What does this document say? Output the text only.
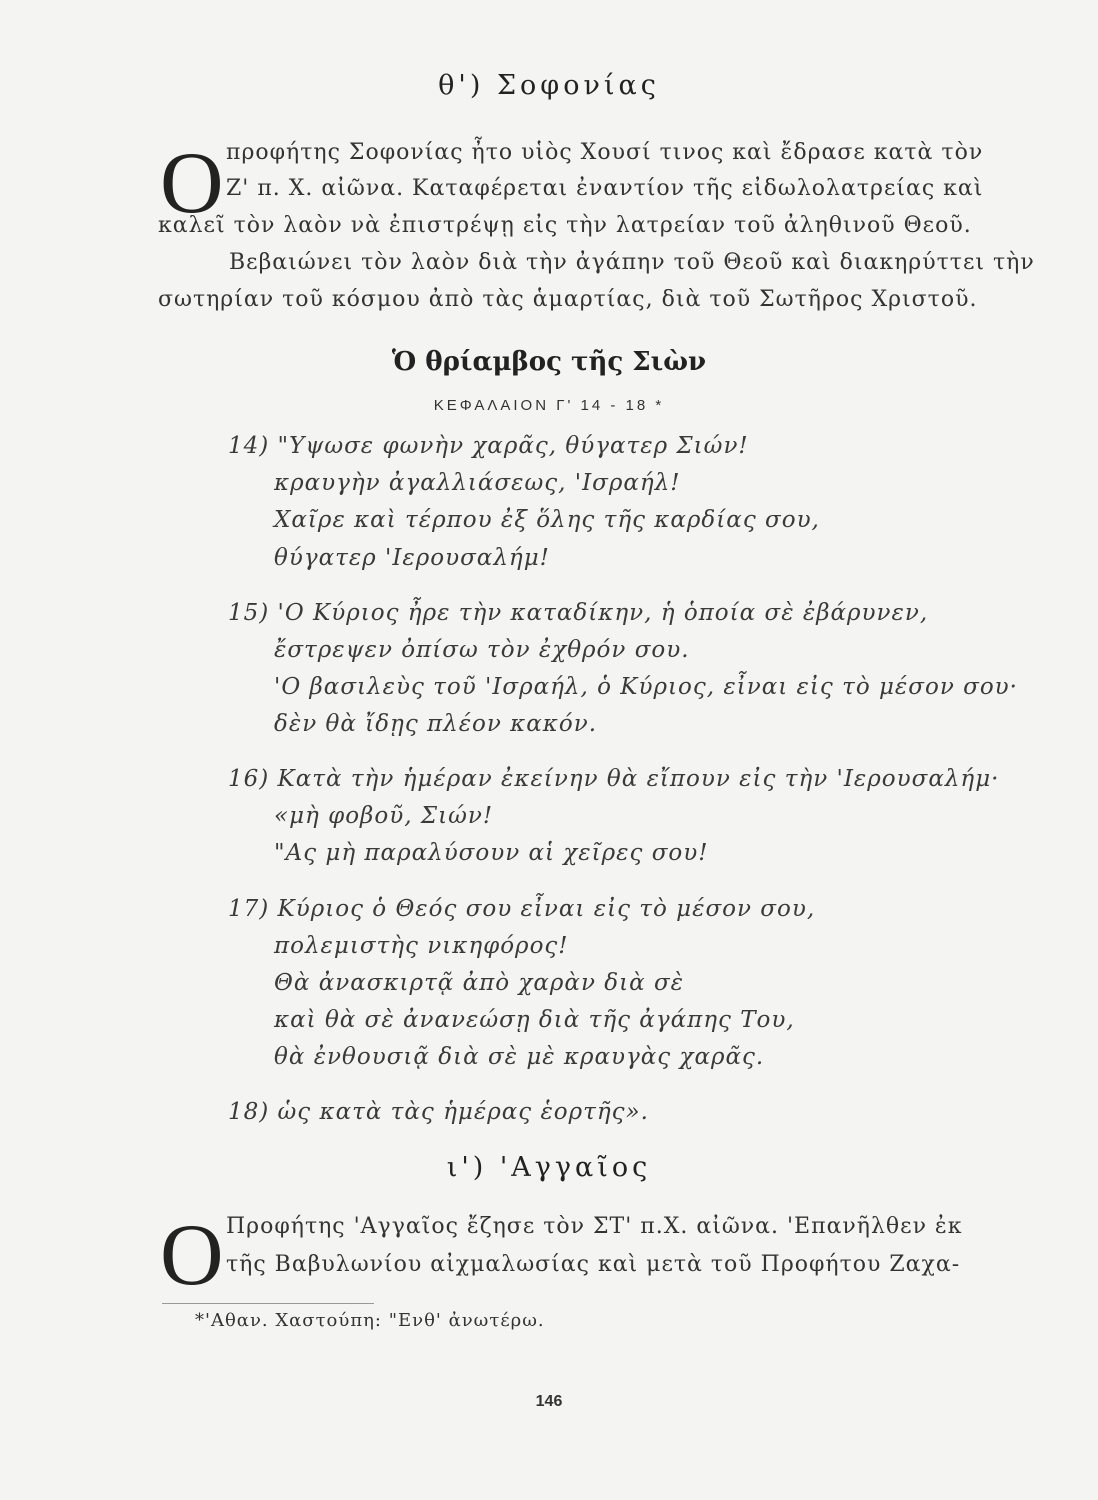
θ') Σοφονίας
Ο προφήτης Σοφονίας ἦτο υἱὸς Χουσί τινος καὶ ἔδρασε κατὰ τὸν
Ζ' π. Χ. αἰῶνα. Καταφέρεται ἐναντίον τῆς εἰδωλολατρείας καὶ
καλεῖ τὸν λαὸν νὰ ἐπιστρέψῃ εἰς τὴν λατρείαν τοῦ ἀληθινοῦ Θεοῦ.
Βεβαιώνει τὸν λαὸν διὰ τὴν ἀγάπην τοῦ Θεοῦ καὶ διακηρύττει τὴν
σωτηρίαν τοῦ κόσμου ἀπὸ τὰς ἁμαρτίας, διὰ τοῦ Σωτῆρος Χριστοῦ.
Ὁ θρίαμβος τῆς Σιὼν
ΚΕΦΑΛΑΙΟΝ Γ' 14 - 18 *
14) "Υψωσε φωνὴν χαρᾶς, θύγατερ Σιών!
κραυγὴν ἀγαλλιάσεως, 'Ισραήλ!
Χαῖρε καὶ τέρπου ἐξ ὅλης τῆς καρδίας σου,
θύγατερ 'Ιερουσαλήμ!
15) 'Ο Κύριος ἦρε τὴν καταδίκην, ἡ ὁποία σὲ ἐβάρυνεν,
ἔστρεψεν ὀπίσω τὸν ἐχθρόν σου.
'Ο βασιλεὺς τοῦ 'Ισραήλ, ὁ Κύριος, εἶναι εἰς τὸ μέσον σου·
δὲν θὰ ἴδῃς πλέον κακόν.
16) Κατὰ τὴν ἡμέραν ἐκείνην θὰ εἴπουν εἰς τὴν 'Ιερουσαλήμ·
«μὴ φοβοῦ, Σιών!
"Ας μὴ παραλύσουν αἱ χεῖρες σου!
17) Κύριος ὁ Θεός σου εἶναι εἰς τὸ μέσον σου,
πολεμιστὴς νικηφόρος!
Θὰ ἀνασκιρτᾷ ἀπὸ χαρὰν διὰ σὲ
καὶ θὰ σὲ ἀνανεώσῃ διὰ τῆς ἀγάπης Του,
θὰ ἐνθουσιᾷ διὰ σὲ μὲ κραυγὰς χαρᾶς.
18) ὡς κατὰ τὰς ἡμέρας ἑορτῆς».
ι') 'Αγγαῖος
Ο Προφήτης 'Αγγαῖος ἔζησε τὸν ΣΤ' π.Χ. αἰῶνα. 'Επανῆλθεν ἐκ
τῆς Βαβυλωνίου αἰχμαλωσίας καὶ μετὰ τοῦ Προφήτου Ζαχα-
*'Αθαν. Χαστούπη: "Ενθ' ἀνωτέρω.
146
